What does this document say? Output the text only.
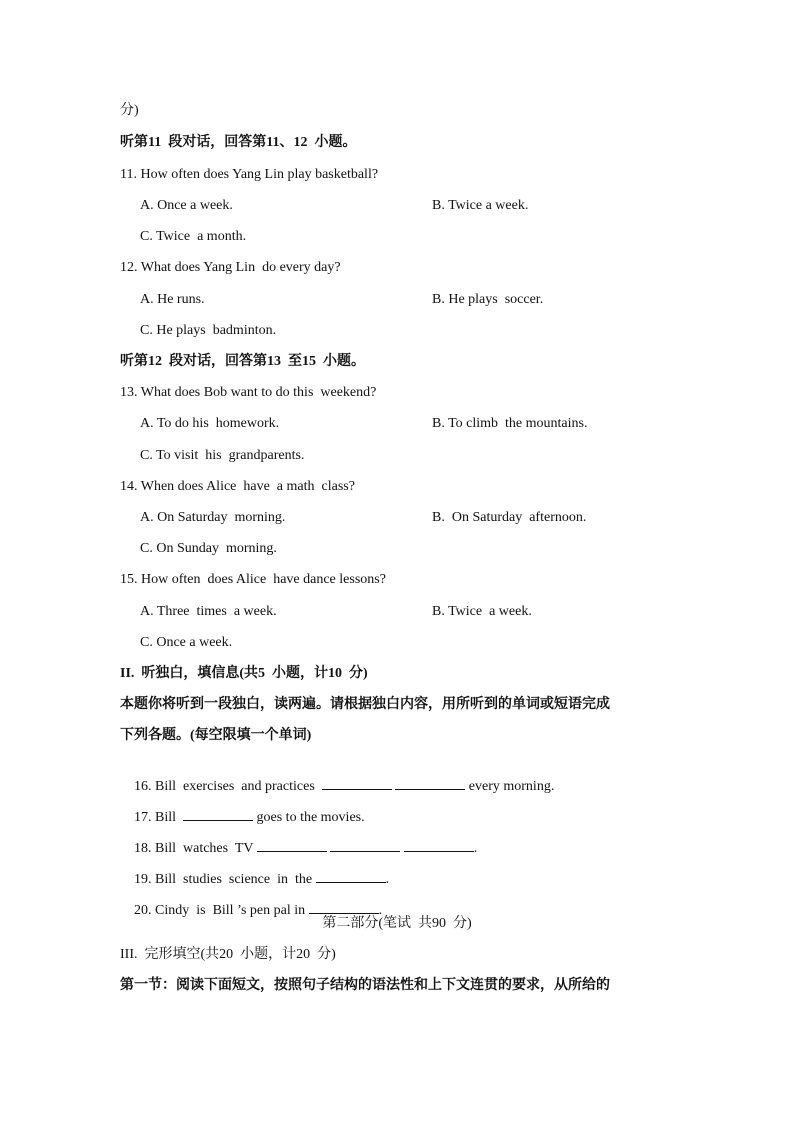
分)
听第11  段对话，回答第11、12  小题。
11. How often does Yang Lin play basketball?
A. Once a week.	B. Twice a week.
C. Twice  a month.
12. What does Yang Lin  do every day?
A. He runs.	B. He plays  soccer.
C. He plays  badminton.
听第12  段对话，回答第13  至15  小题。
13. What does Bob want to do this  weekend?
A. To do his  homework.	B. To climb  the mountains.
C. To visit  his  grandparents.
14. When does Alice  have  a math  class?
A. On Saturday  morning.	B.  On Saturday  afternoon.
C. On Sunday  morning.
15. How often  does Alice  have dance lessons?
A. Three  times  a week.	B. Twice  a week.
C. Once a week.
II.  听独白，填信息(共5  小题，计10  分)
本题你将听到一段独白，读两遍。请根据独白内容，用所听到的单词或短语完成
下列各题。(每空限填一个单词)

16. Bill  exercises  and practices	every morning.

17. Bill	goes to the movies.

18. Bill  watches  TV	.

19. Bill  studies  science  in  the	.

20. Cindy  is  Bill ’s pen pal in	.

第二部分(笔试  共90  分)
III.  完形填空(共20  小题，计20  分)
第一节：阅读下面短文，按照句子结构的语法性和上下文连贯的要求，从所给的
